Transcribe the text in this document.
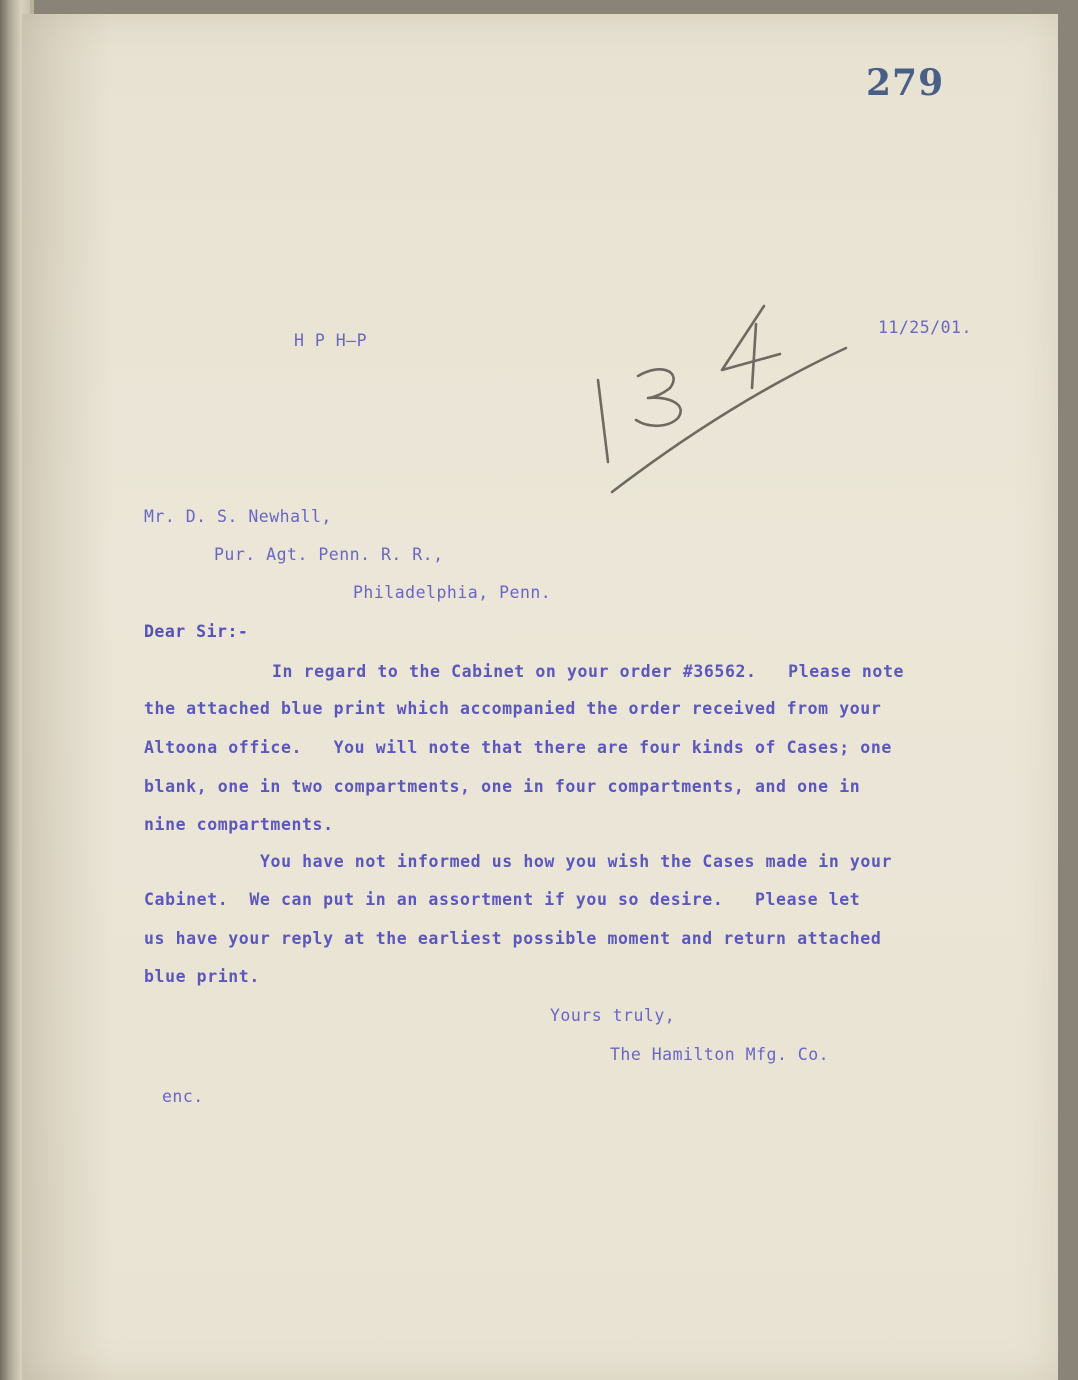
279
H P H—P
11/25/01.
Mr. D. S. Newhall,
Pur. Agt. Penn. R. R.,
Philadelphia, Penn.
Dear Sir:-
In regard to the Cabinet on your order #36562.   Please note
the attached blue print which accompanied the order received from your
Altoona office.   You will note that there are four kinds of Cases; one
blank, one in two compartments, one in four compartments, and one in
nine compartments.
You have not informed us how you wish the Cases made in your
Cabinet.  We can put in an assortment if you so desire.   Please let
us have your reply at the earliest possible moment and return attached
blue print.
Yours truly,
The Hamilton Mfg. Co.
enc.
